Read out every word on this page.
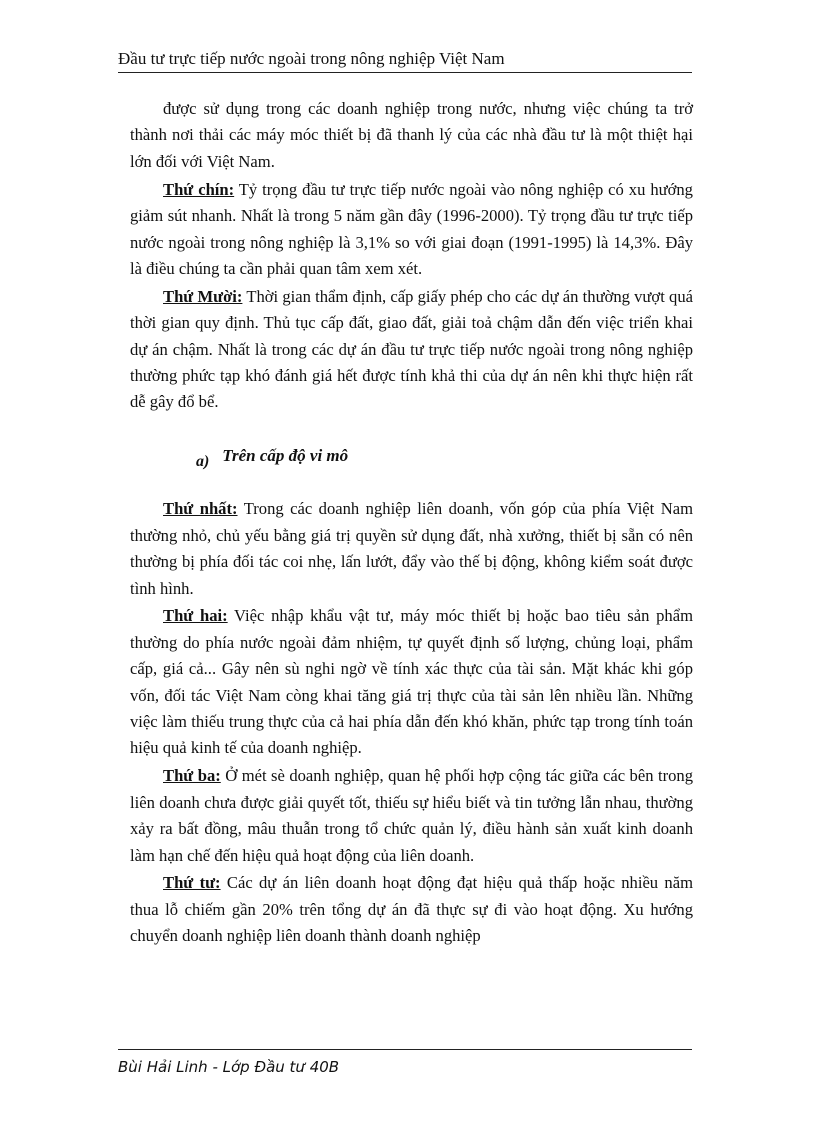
Đầu tư trực tiếp nước ngoài trong nông nghiệp Việt Nam

được sử dụng trong các doanh nghiệp trong nước, nhưng việc chúng ta trở thành nơi thải các máy móc thiết bị đã thanh lý của các nhà đầu tư là một thiệt hại lớn đối với Việt Nam.

Thứ chín: Tỷ trọng đầu tư trực tiếp nước ngoài vào nông nghiệp có xu hướng giảm sút nhanh. Nhất là trong 5 năm gần đây (1996-2000). Tỷ trọng đầu tư trực tiếp nước ngoài trong nông nghiệp là 3,1% so với giai đoạn (1991-1995) là 14,3%. Đây là điều chúng ta cần phải quan tâm xem xét.

Thứ Mười: Thời gian thẩm định, cấp giấy phép cho các dự án thường vượt quá thời gian quy định. Thủ tục cấp đất, giao đất, giải toả chậm dẫn đến việc triển khai dự án chậm. Nhất là trong các dự án đầu tư trực tiếp nước ngoài trong nông nghiệp thường phức tạp khó đánh giá hết được tính khả thi của dự án nên khi thực hiện rất dễ gây đổ bể.

a) Trên cấp độ vi mô

Thứ nhất: Trong các doanh nghiệp liên doanh, vốn góp của phía Việt Nam thường nhỏ, chủ yếu bằng giá trị quyền sử dụng đất, nhà xưởng, thiết bị sẵn có nên thường bị phía đối tác coi nhẹ, lấn lướt, đẩy vào thế bị động, không kiểm soát được tình hình.

Thứ hai: Việc nhập khẩu vật tư, máy móc thiết bị hoặc bao tiêu sản phẩm thường do phía nước ngoài đảm nhiệm, tự quyết định số lượng, chủng loại, phẩm cấp, giá cả... Gây nên sù nghi ngờ về tính xác thực của tài sản. Mặt khác khi góp vốn, đối tác Việt Nam còng khai tăng giá trị thực của tài sản lên nhiều lần. Những việc làm thiếu trung thực của cả hai phía dẫn đến khó khăn, phức tạp trong tính toán hiệu quả kinh tế của doanh nghiệp.

Thứ ba: Ở mét sè doanh nghiệp, quan hệ phối hợp cộng tác giữa các bên trong liên doanh chưa được giải quyết tốt, thiếu sự hiểu biết và tin tưởng lẫn nhau, thường xảy ra bất đồng, mâu thuẫn trong tổ chức quản lý, điều hành sản xuất kinh doanh làm hạn chế đến hiệu quả hoạt động của liên doanh.

Thứ tư: Các dự án liên doanh hoạt động đạt hiệu quả thấp hoặc nhiều năm thua lỗ chiếm gần 20% trên tổng dự án đã thực sự đi vào hoạt động. Xu hướng chuyển doanh nghiệp liên doanh thành doanh nghiệp

Bùi Hải Linh - Lớp Đầu tư 40B
